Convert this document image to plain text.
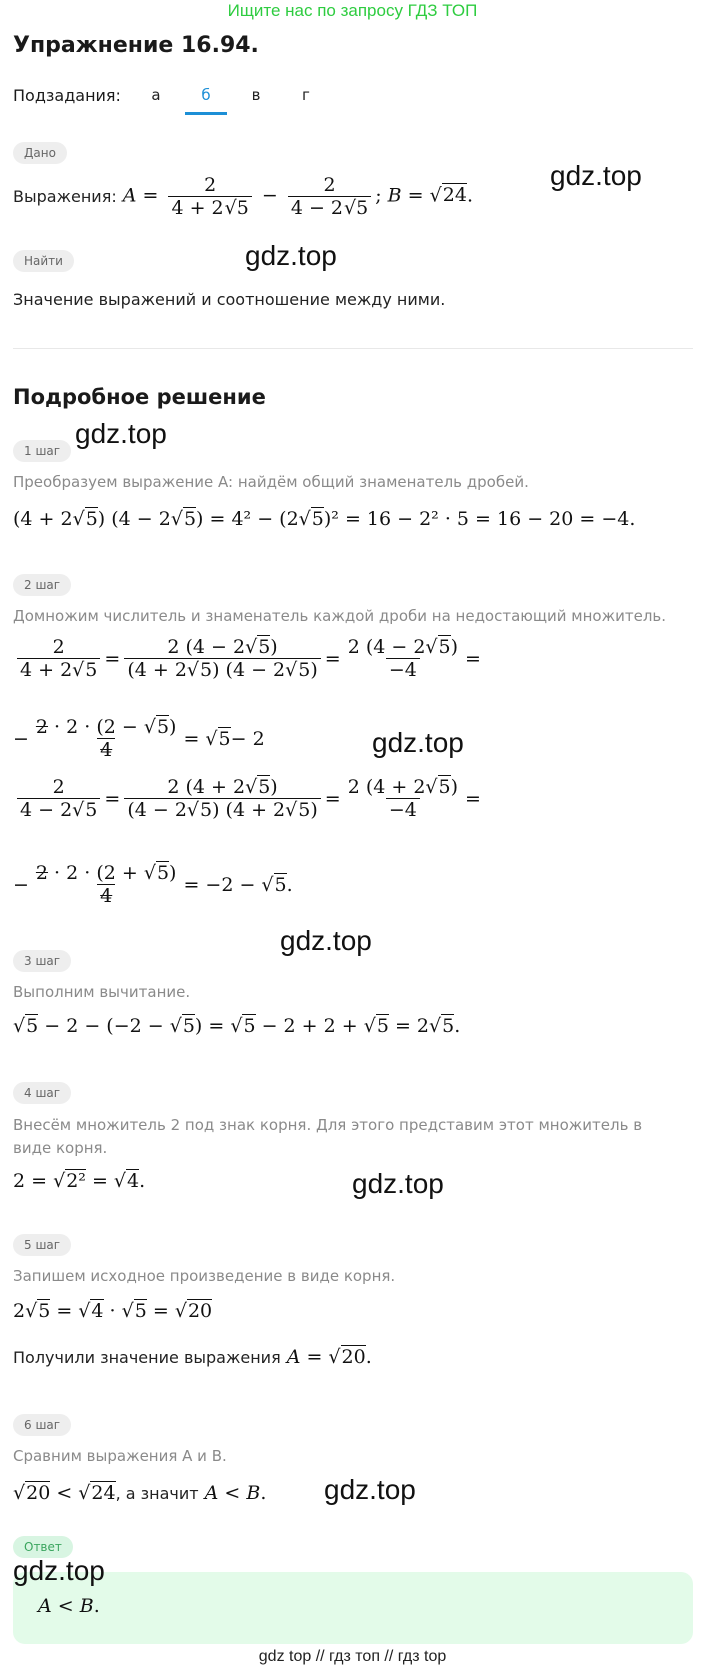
Ищите нас по запросу ГДЗ ТОП
Упражнение 16.94.
Подзадания:	а	б	в	г
Дано
Выражения: $A = \frac{2}{4 + 2√5} - \frac{2}{4 - 2√5}$ ; B = √24.
Найти
Значение выражений и соотношение между ними.
Подробное решение
1 шаг
Преобразуем выражение A: найдём общий знаменатель дробей.
(4 + 2√5) (4 − 2√5) = 4² − (2√5)² = 16 − 2² · 5 = 16 − 20 = −4.
2 шаг
Домножим числитель и знаменатель каждой дроби на недостающий множитель.
$\frac{2}{4 + 2√5} = \frac{2 (4 - 2√5)}{(4 + 2√5) (4 - 2√5)} = \frac{2 (4 - 2√5)}{-4}$ =
− $\frac{2 \cdot 2 \cdot (2 - √5)}{4}$ = √ 5 − 2
$\frac{2}{4 - 2√5} = \frac{2 (4 + 2√5)}{(4 - 2√5) (4 + 2√5)} = \frac{2 (4 + 2√5)}{-4}$ =
− $\frac{2 \cdot 2 \cdot (2 + √5)}{4} = -2$ − √ 5 .
3 шаг
Выполним вычитание.
√5 − 2 − (−2 − √5) = √5 − 2 + 2 + √5 = 2√5.
4 шаг
Внесём множитель 2 под знак корня. Для этого представим этот множитель в виде корня.
2 = √2² = √4.
5 шаг
Запишем исходное произведение в виде корня.
2√5 = √4 · √5 = √20
Получили значение выражения A = √20.
6 шаг
Сравним выражения A и B.
√20 < √24 , а значит A < B.
Ответ
A < B.
gdz.top
gdz.top
gdz.top
gdz.top
gdz.top
gdz.top
gdz.top
gdz.top
gdz top // гдз топ // гдз top
